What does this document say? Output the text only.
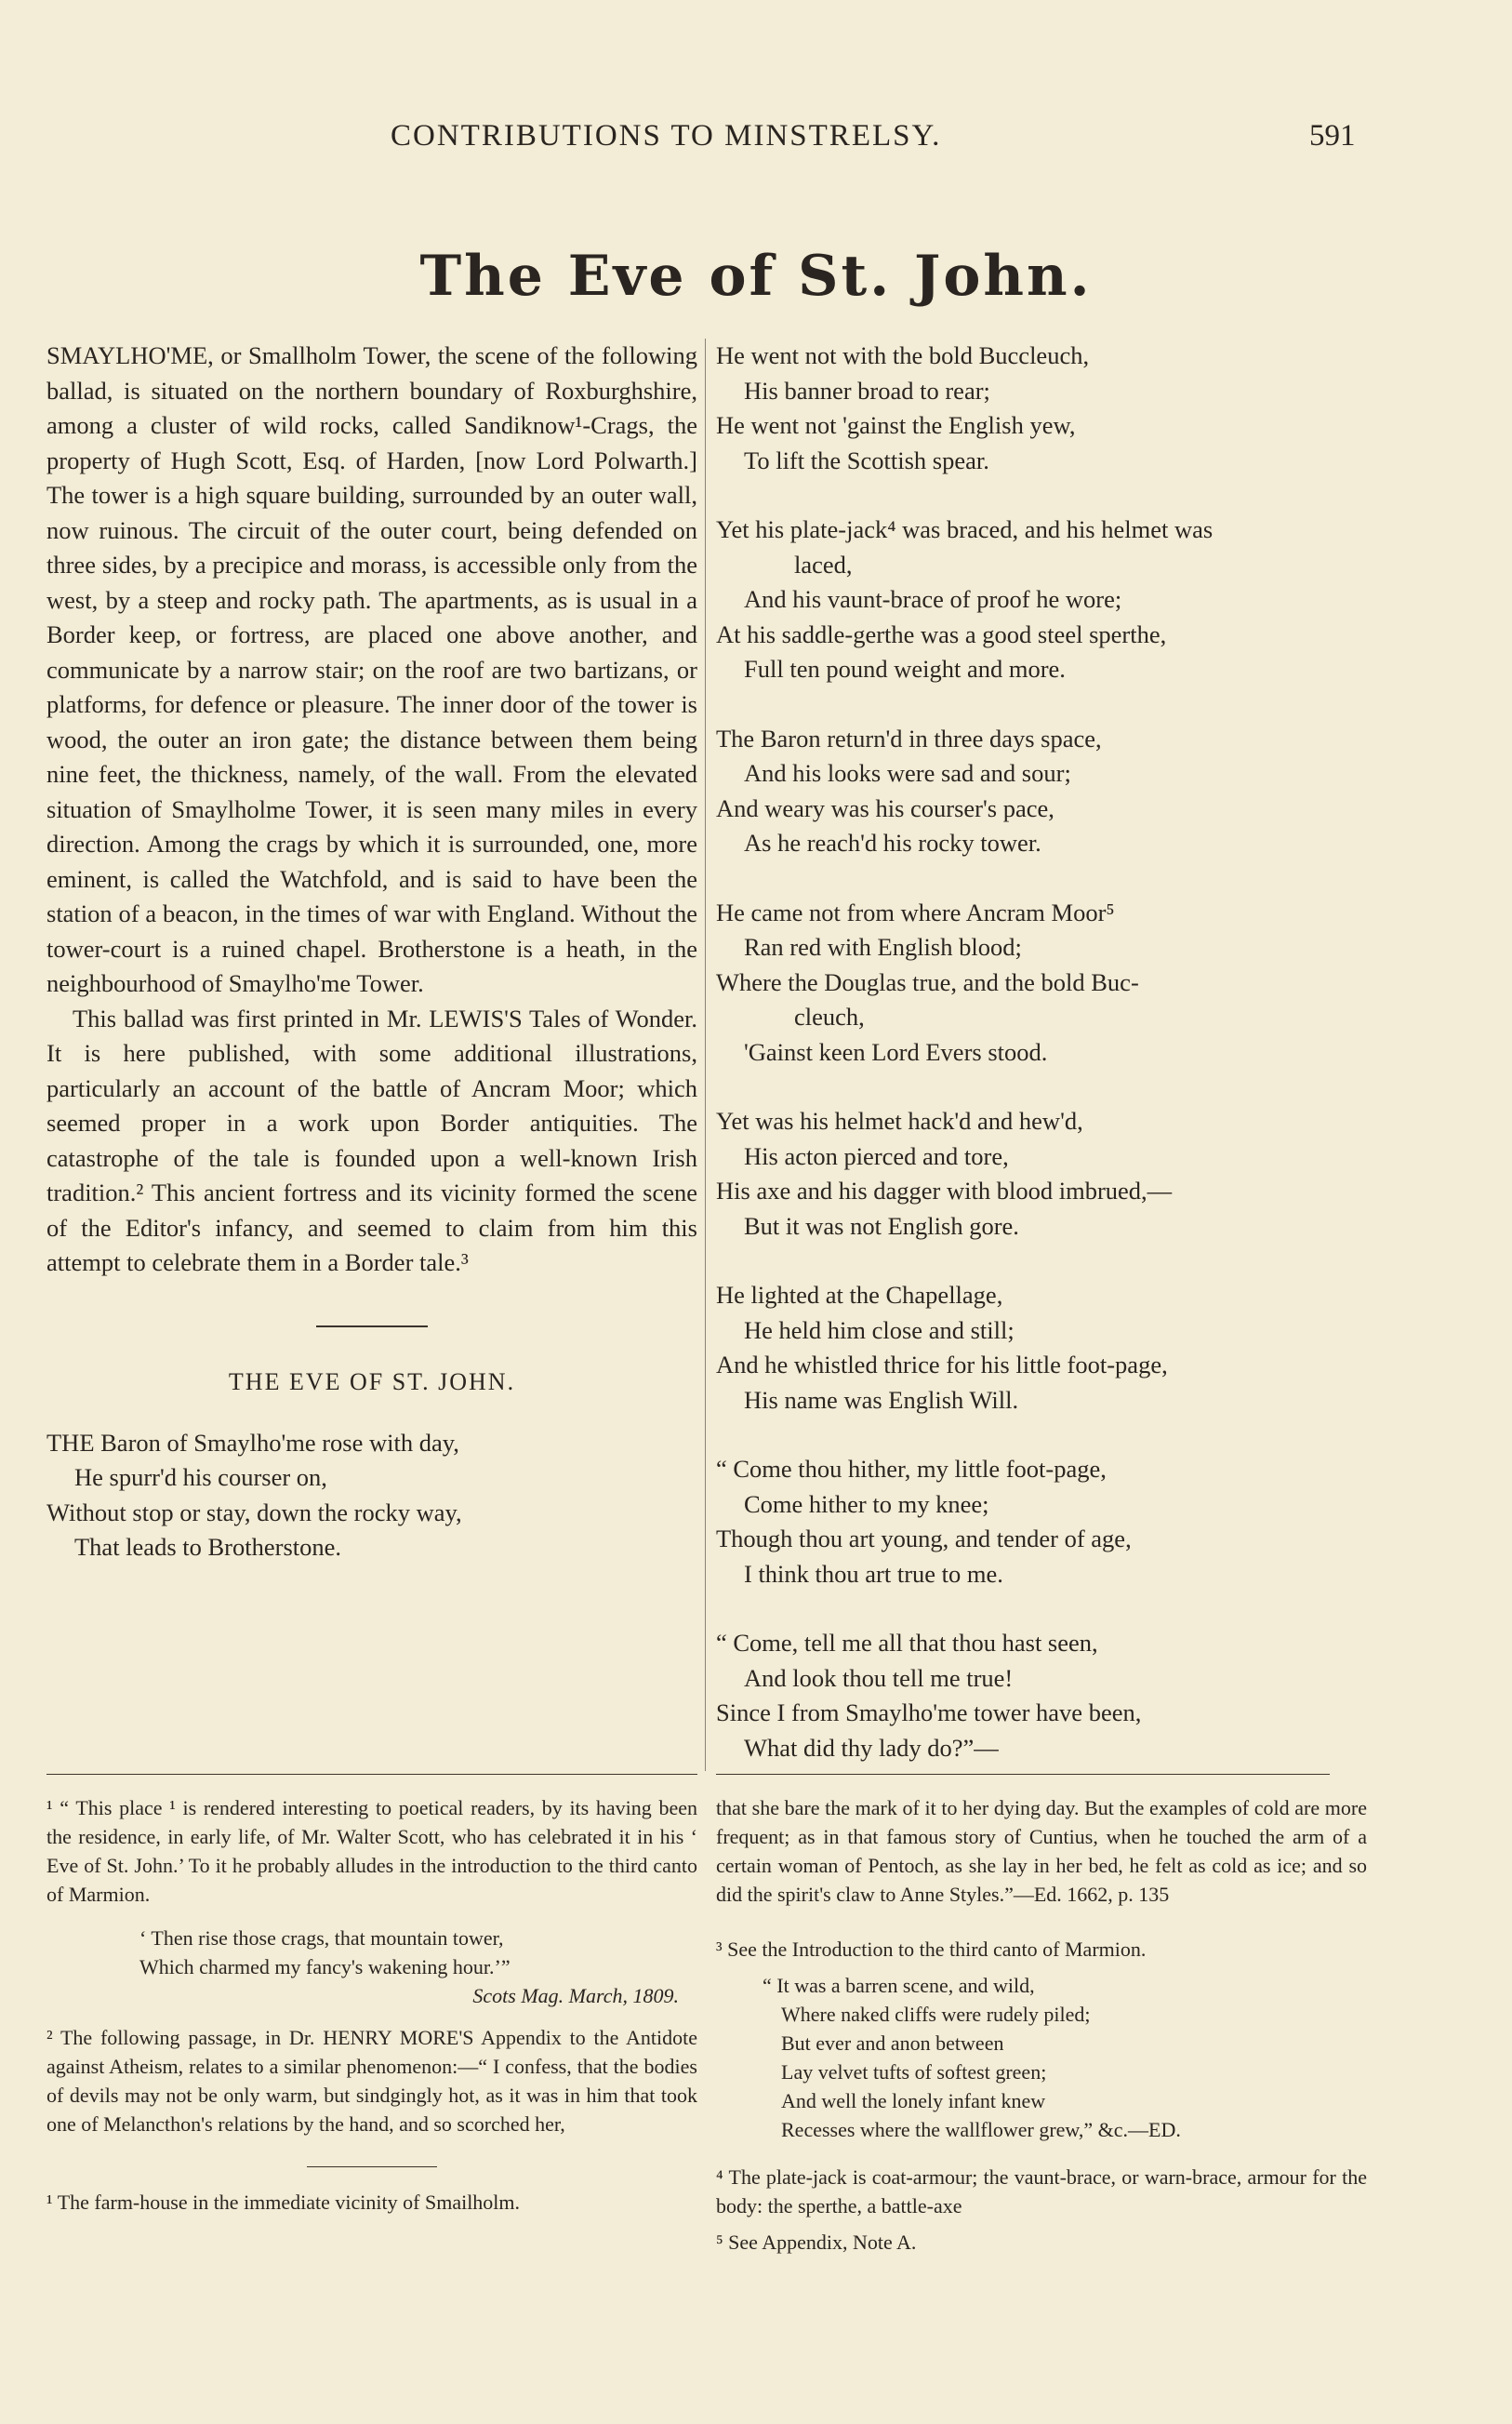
CONTRIBUTIONS TO MINSTRELSY.	591
The Eve of St. John.

SMAYLHO'ME, or Smallholm Tower, the scene of the following ballad, is situated on the northern boundary of Roxburghshire, among a cluster of wild rocks, called Sandiknow¹-Crags, the property of Hugh Scott, Esq. of Harden, [now Lord Polwarth.] The tower is a high square building, surrounded by an outer wall, now ruinous. The circuit of the outer court, being defended on three sides, by a precipice and morass, is accessible only from the west, by a steep and rocky path. The apartments, as is usual in a Border keep, or fortress, are placed one above another, and communicate by a narrow stair; on the roof are two bartizans, or platforms, for defence or pleasure. The inner door of the tower is wood, the outer an iron gate; the distance between them being nine feet, the thickness, namely, of the wall. From the elevated situation of Smaylholme Tower, it is seen many miles in every direction. Among the crags by which it is surrounded, one, more eminent, is called the Watchfold, and is said to have been the station of a beacon, in the times of war with England. Without the tower-court is a ruined chapel. Brotherstone is a heath, in the neighbourhood of Smaylho'me Tower.

This ballad was first printed in Mr. LEWIS'S Tales of Wonder. It is here published, with some additional illustrations, particularly an account of the battle of Ancram Moor; which seemed proper in a work upon Border antiquities. The catastrophe of the tale is founded upon a well-known Irish tradition.² This ancient fortress and its vicinity formed the scene of the Editor's infancy, and seemed to claim from him this attempt to celebrate them in a Border tale.³

THE EVE OF ST. JOHN.
THE Baron of Smaylho'me rose with day,
He spurr'd his courser on,
Without stop or stay, down the rocky way,
That leads to Brotherstone.
He went not with the bold Buccleuch,
His banner broad to rear;
He went not 'gainst the English yew,
To lift the Scottish spear.
Yet his plate-jack⁴ was braced, and his helmet was
laced,
And his vaunt-brace of proof he wore;
At his saddle-gerthe was a good steel sperthe,
Full ten pound weight and more.
The Baron return'd in three days space,
And his looks were sad and sour;
And weary was his courser's pace,
As he reach'd his rocky tower.
He came not from where Ancram Moor⁵
Ran red with English blood;
Where the Douglas true, and the bold Buc-
cleuch,
'Gainst keen Lord Evers stood.
Yet was his helmet hack'd and hew'd,
His acton pierced and tore,
His axe and his dagger with blood imbrued,—
But it was not English gore.
He lighted at the Chapellage,
He held him close and still;
And he whistled thrice for his little foot-page,
His name was English Will.
“ Come thou hither, my little foot-page,
Come hither to my knee;
Though thou art young, and tender of age,
I think thou art true to me.
“ Come, tell me all that thou hast seen,
And look thou tell me true!
Since I from Smaylho'me tower have been,
What did thy lady do?”—

¹ “ This place ¹ is rendered interesting to poetical readers, by its having been the residence, in early life, of Mr. Walter Scott, who has celebrated it in his ‘ Eve of St. John.’ To it he probably alludes in the introduction to the third canto of Marmion.

‘ Then rise those crags, that mountain tower,
Which charmed my fancy's wakening hour.’”
Scots Mag. March, 1809.

² The following passage, in Dr. HENRY MORE'S Appendix to the Antidote against Atheism, relates to a similar phenomenon:—“ I confess, that the bodies of devils may not be only warm, but sindgingly hot, as it was in him that took one of Melancthon's relations by the hand, and so scorched her,

¹ The farm-house in the immediate vicinity of Smailholm.

that she bare the mark of it to her dying day. But the examples of cold are more frequent; as in that famous story of Cuntius, when he touched the arm of a certain woman of Pentoch, as she lay in her bed, he felt as cold as ice; and so did the spirit's claw to Anne Styles.”—Ed. 1662, p. 135

³ See the Introduction to the third canto of Marmion.

“ It was a barren scene, and wild,
Where naked cliffs were rudely piled;
But ever and anon between
Lay velvet tufts of softest green;
And well the lonely infant knew
Recesses where the wallflower grew,” &c.—ED.

⁴ The plate-jack is coat-armour; the vaunt-brace, or warn-brace, armour for the body: the sperthe, a battle-axe

⁵ See Appendix, Note A.
